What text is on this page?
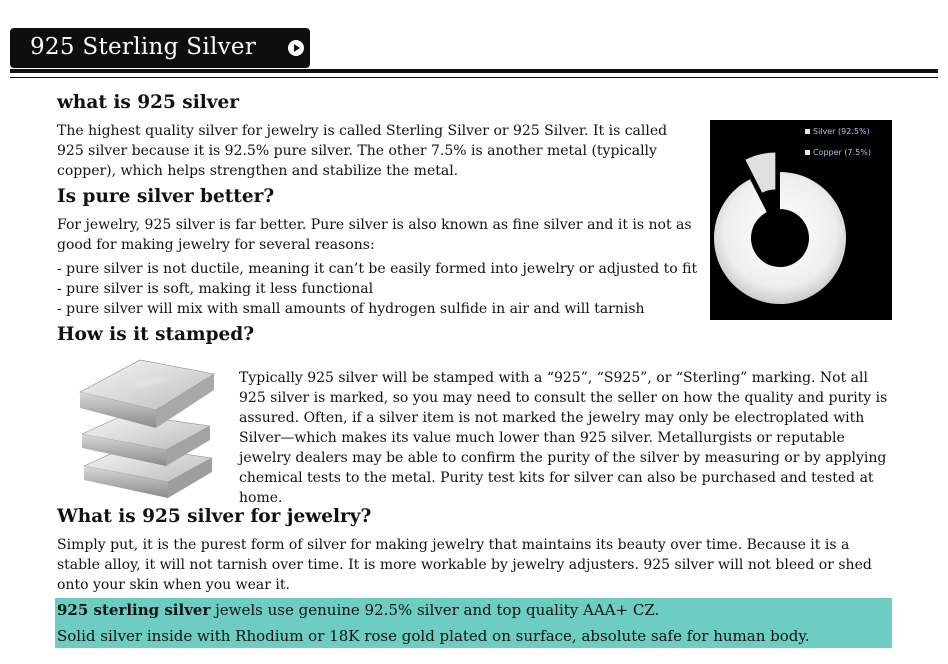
925 Sterling Silver
what is 925 silver
The highest quality silver for jewelry is called Sterling Silver or 925 Silver. It is called 925 silver because it is 92.5% pure silver. The other 7.5% is another metal (typically copper), which helps strengthen and stabilize the metal.
Is pure silver better?
For jewelry, 925 silver is far better. Pure silver is also known as fine silver and it is not as good for making jewelry for several reasons:
- pure silver is not ductile, meaning it can’t be easily formed into jewelry or adjusted to fit
- pure silver is soft, making it less functional
- pure silver will mix with small amounts of hydrogen sulfide in air and will tarnish
Silver (92.5%)
Copper (7.5%)
How is it stamped?
Typically 925 silver will be stamped with a “925”, “S925”, or “Sterling” marking. Not all 925 silver is marked, so you may need to consult the seller on how the quality and purity is assured. Often, if a silver item is not marked the jewelry may only be electroplated with Silver—which makes its value much lower than 925 silver. Metallurgists or reputable jewelry dealers may be able to confirm the purity of the silver by measuring or by applying chemical tests to the metal. Purity test kits for silver can also be purchased and tested at home.
What is 925 silver for jewelry?
Simply put, it is the purest form of silver for making jewelry that maintains its beauty over time. Because it is a stable alloy, it will not tarnish over time. It is more workable by jewelry adjusters. 925 silver will not bleed or shed onto your skin when you wear it.
925 sterling silver jewels use genuine 92.5% silver and top quality AAA+ CZ.
Solid silver inside with Rhodium or 18K rose gold plated on surface, absolute safe for human body.
